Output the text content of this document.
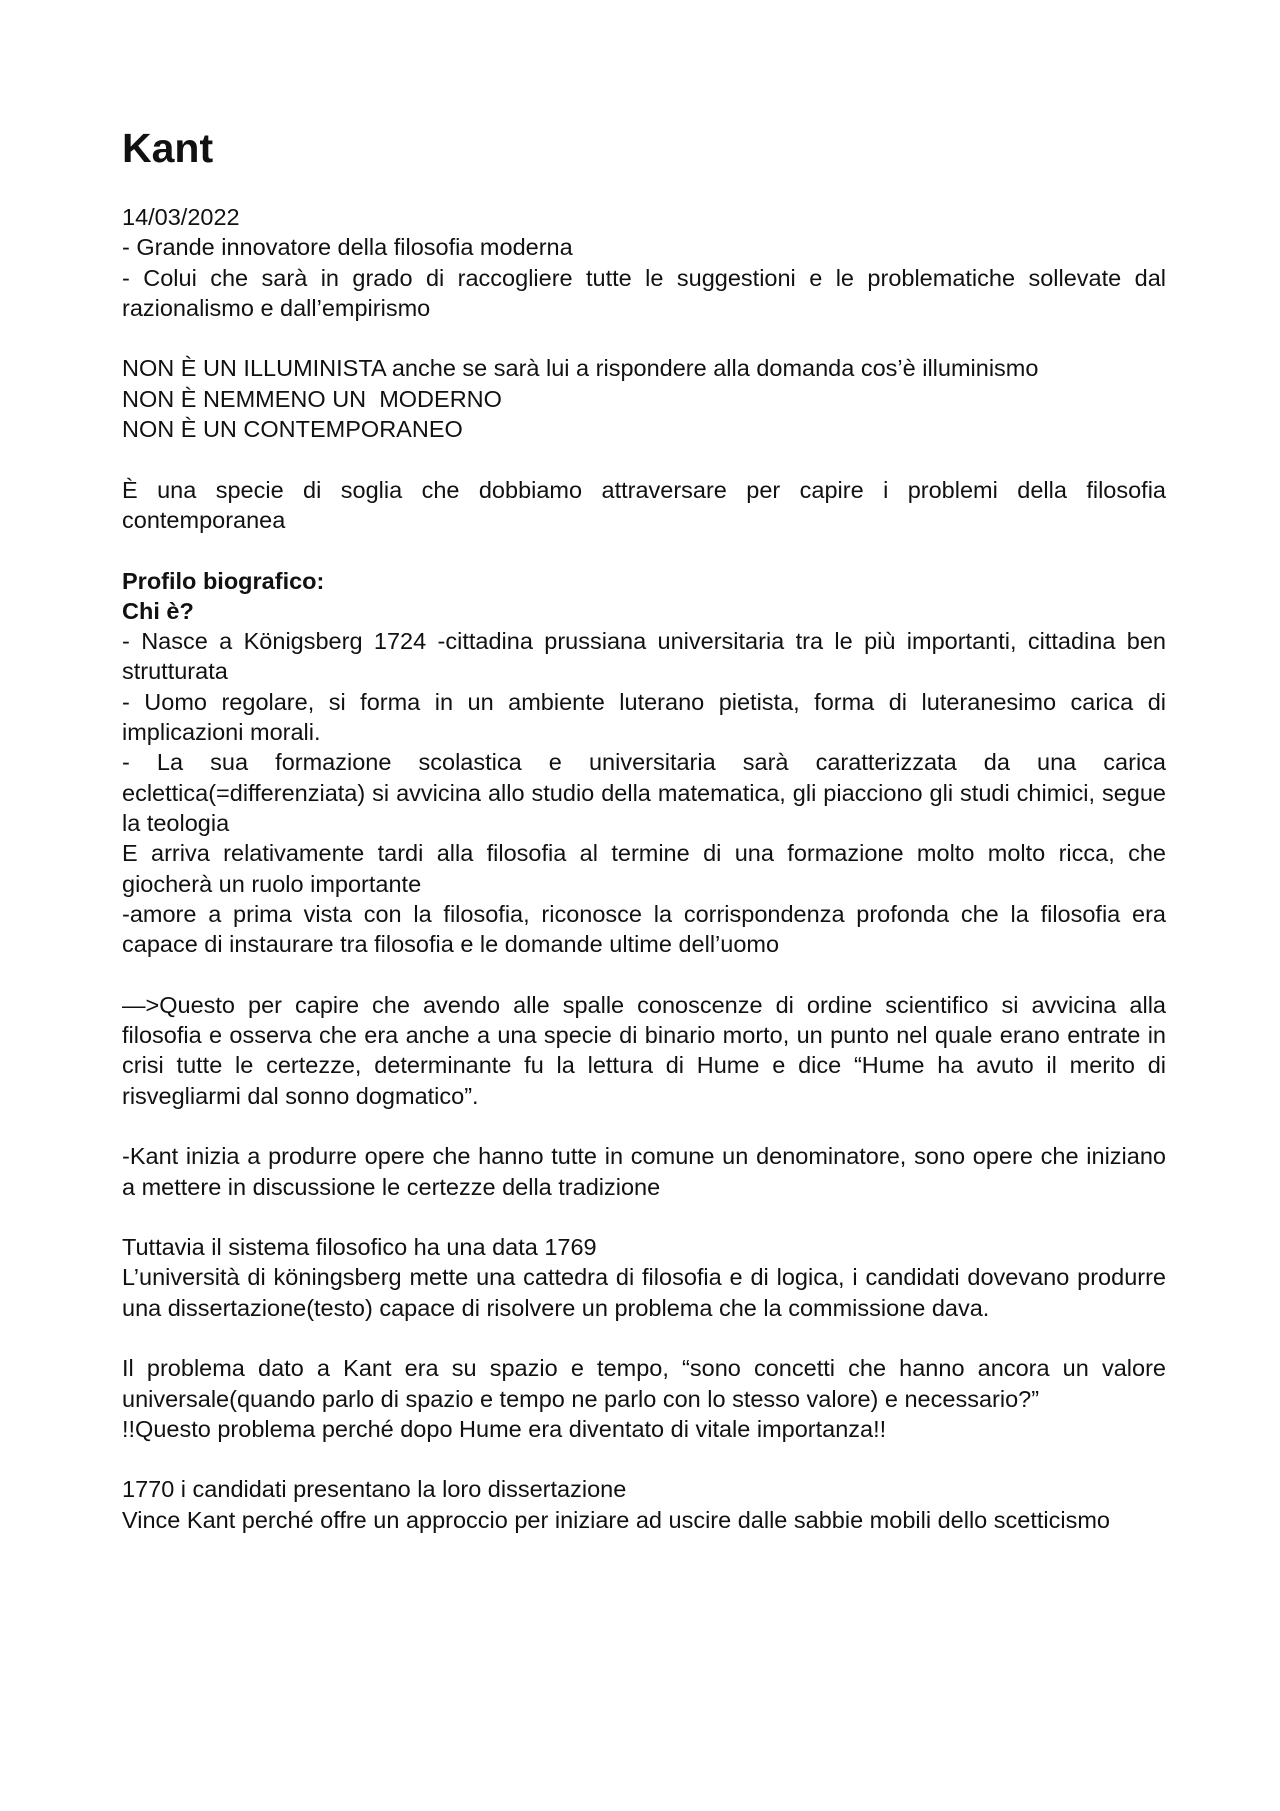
Kant
14/03/2022
- Grande innovatore della filosofia moderna
- Colui che sarà in grado di raccogliere tutte le suggestioni e le problematiche sollevate dal razionalismo e dall’empirismo
NON È UN ILLUMINISTA anche se sarà lui a rispondere alla domanda cos’è illuminismo
NON È NEMMENO UN  MODERNO
NON È UN CONTEMPORANEO
È una specie di soglia che dobbiamo attraversare per capire i problemi della filosofia contemporanea
Profilo biografico:
Chi è?
- Nasce a Königsberg 1724 -cittadina prussiana universitaria tra le più importanti, cittadina ben strutturata
- Uomo regolare, si forma in un ambiente luterano pietista, forma di luteranesimo carica di implicazioni morali.
- La sua formazione scolastica e universitaria sarà caratterizzata da una carica eclettica(=differenziata) si avvicina allo studio della matematica, gli piacciono gli studi chimici, segue la teologia
E arriva relativamente tardi alla filosofia al termine di una formazione molto molto ricca, che giocherà un ruolo importante
-amore a prima vista con la filosofia, riconosce la corrispondenza profonda che la filosofia era capace di instaurare tra filosofia e le domande ultime dell’uomo
—>Questo per capire che avendo alle spalle conoscenze di ordine scientifico si avvicina alla filosofia e osserva che era anche a una specie di binario morto, un punto nel quale erano entrate in crisi tutte le certezze, determinante fu la lettura di Hume e dice “Hume ha avuto il merito di risvegliarmi dal sonno dogmatico”.
-Kant inizia a produrre opere che hanno tutte in comune un denominatore, sono opere che iniziano a mettere in discussione le certezze della tradizione
Tuttavia il sistema filosofico ha una data 1769
L’università di köningsberg mette una cattedra di filosofia e di logica, i candidati dovevano produrre una dissertazione(testo) capace di risolvere un problema che la commissione dava.
Il problema dato a Kant era su spazio e tempo, “sono concetti che hanno ancora un valore universale(quando parlo di spazio e tempo ne parlo con lo stesso valore) e necessario?”
!!Questo problema perché dopo Hume era diventato di vitale importanza!!
1770 i candidati presentano la loro dissertazione
Vince Kant perché offre un approccio per iniziare ad uscire dalle sabbie mobili dello scetticismo
